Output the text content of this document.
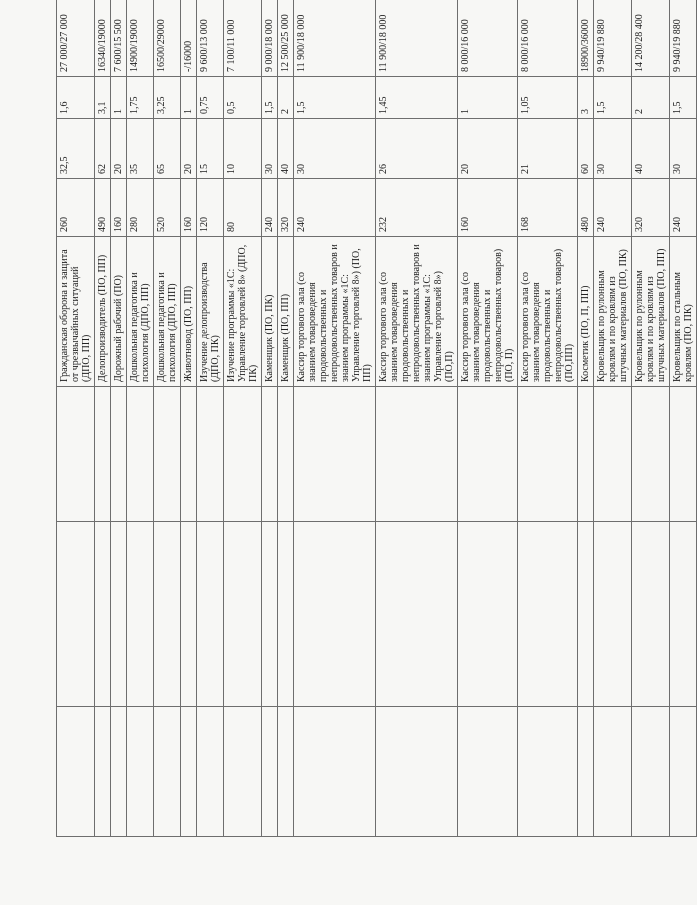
			Гражданская оборона и защита от чрезвычайных ситуаций (ДПО, ПП)	260	32,5	1,6	27 000/27 000
			Делопроизводитель (ПО, ПП)	490	62	3,1	16340/19000
			Дорожный рабочий (ПО)	160	20	1	7 600/15 500
			Дошкольная педагогика и психология (ДПО, ПП)	280	35	1,75	14900/19000
			Дошкольная педагогика и психология (ДПО, ПП)	520	65	3,25	16500/29000
			Животновод (ПО, ПП)	160	20	1	-/16000
			Изучение делопроизводства (ДПО, ПК)	120	15	0,75	9 600/13 000
			Изучение программы «1С: Управление торговлей 8» (ДПО, ПК)	80	10	0,5	7 100/11 000
			Каменщик (ПО, ПК)	240	30	1,5	9 000/18 000
			Каменщик (ПО, ПП)	320	40	2	12 500/25 000
			Кассир торгового зала (со знанием товароведения продовольственных и непродовольственных товаров и знанием программы «1С: Управление торговлей 8») (ПО, ПП)	240	30	1,5	11 900/18 000
			Кассир торгового зала (со знанием товароведения продовольственных и непродовольственных товаров и знанием программы «1С: Управление торговлей 8») (ПО,П)	232	26	1,45	11 900/18 000
			Кассир торгового зала (со знанием товароведения продовольственных и непродовольственных товаров) (ПО, П)	160	20	1	8 000/16 000
			Кассир торгового зала (со знанием товароведения продовольственных и непродовольственных товаров) (ПО,ПП)	168	21	1,05	8 000/16 000
			Косметик (ПО, П, ПП)	480	60	3	18900/36000
			Кровельщик по рулонным кровлям и по кровлям из штучных материалов (ПО, ПК)	240	30	1,5	9 940/19 880
			Кровельщик по рулонным кровлям и по кровлям из штучных материалов (ПО, ПП)	320	40	2	14 200/28 400
			Кровельщик по стальным кровлям (ПО, ПК)	240	30	1,5	9 940/19 880
